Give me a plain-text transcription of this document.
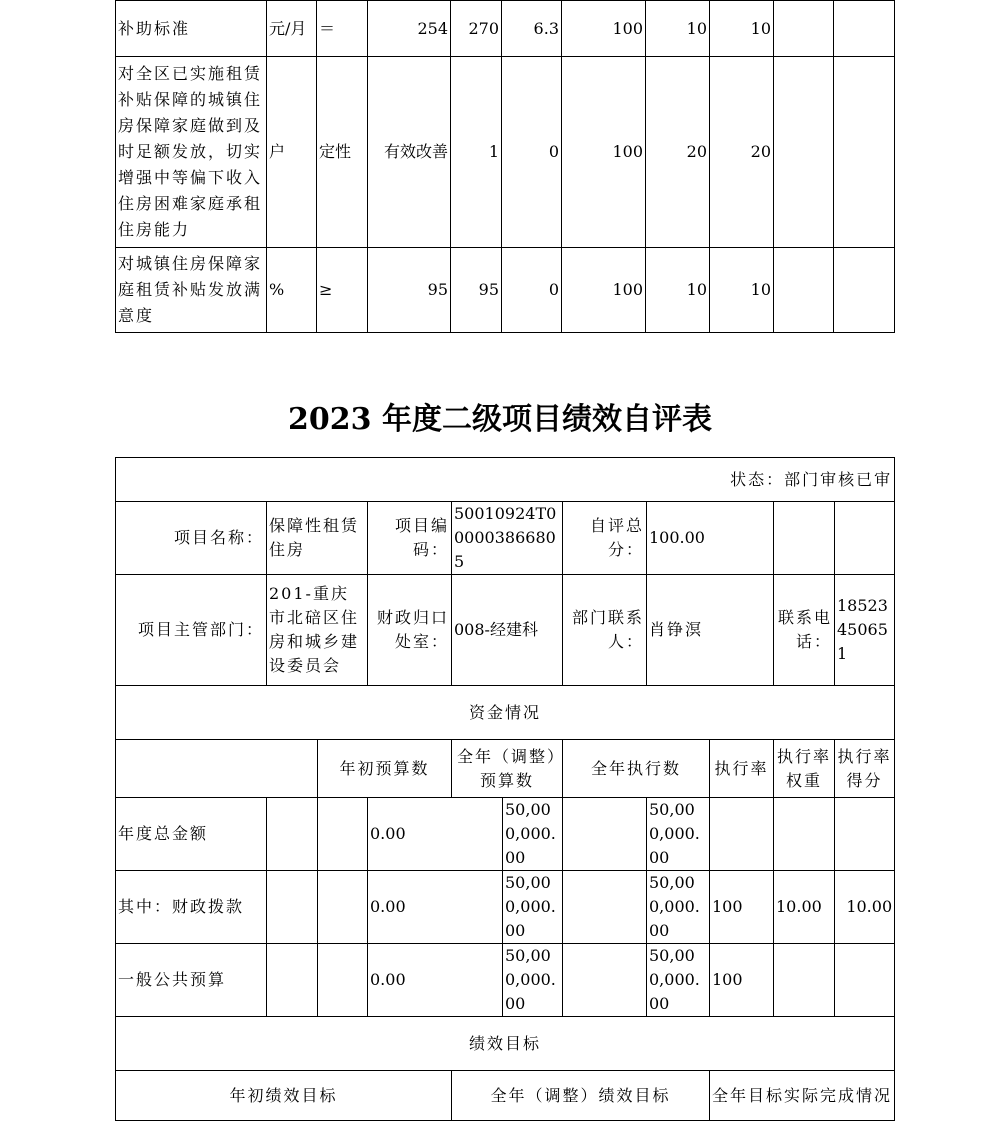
补助标准	元/月	＝	254	270	6.3	100	10	10		
对全区已实施租赁补贴保障的城镇住房保障家庭做到及时足额发放，切实增强中等偏下收入住房困难家庭承租住房能力	户	定性	有效改善	1	0	100	20	20		
对城镇住房保障家庭租赁补贴发放满意度	%	≥	95	95	0	100	10	10		
2023 年度二级项目绩效自评表
状态：部门审核已审										
项目名称：	保障性租赁住房		项目编码：	50010924T000003866805		自评总分：	100.00			
项目主管部门：	201-重庆市北碚区住房和城乡建设委员会		财政归口处室：	008-经建科		部门联系人：	肖铮溟		联系电话：	18523450651
资金情况										
		年初预算数		全年（调整）预算数		全年执行数		执行率	执行率权重	执行率得分
年度总金额			0.00		50,000,000.00		50,000,000.00			
其中：财政拨款			0.00		50,000,000.00		50,000,000.00	100	10.00	10.00
一般公共预算			0.00		50,000,000.00		50,000,000.00	100		
绩效目标										
年初绩效目标				全年（调整）绩效目标				全年目标实际完成情况		
